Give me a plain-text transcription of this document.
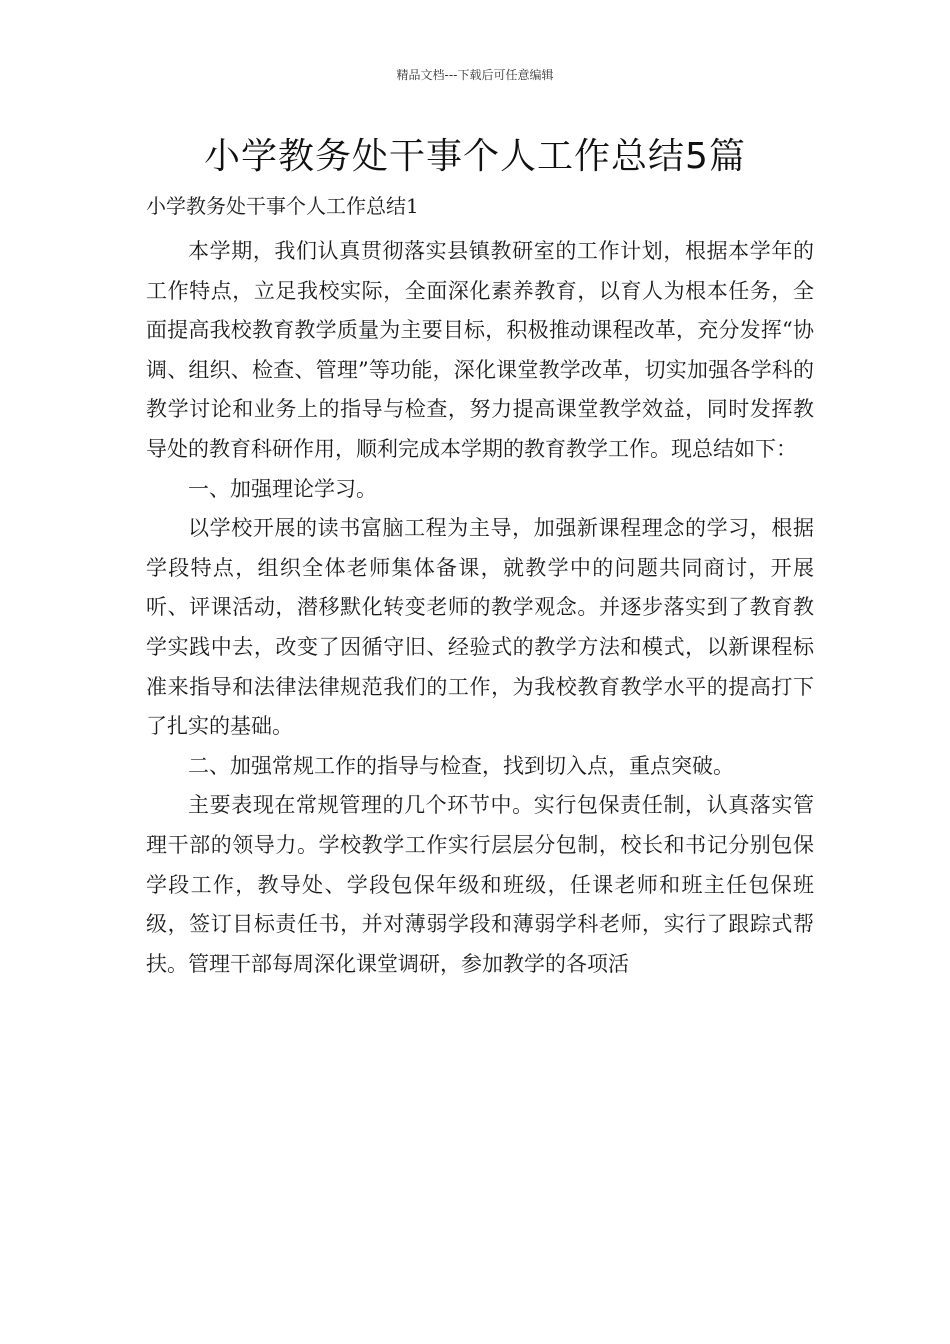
精品文档---下载后可任意编辑
小学教务处干事个人工作总结5篇
小学教务处干事个人工作总结1

本学期，我们认真贯彻落实县镇教研室的工作计划，根据本学年的工作特点，立足我校实际，全面深化素养教育，以育人为根本任务，全面提高我校教育教学质量为主要目标，积极推动课程改革，充分发挥“协调、组织、检查、管理”等功能，深化课堂教学改革，切实加强各学科的教学讨论和业务上的指导与检查，努力提高课堂教学效益，同时发挥教导处的教育科研作用，顺利完成本学期的教育教学工作。现总结如下：

一、加强理论学习。

以学校开展的读书富脑工程为主导，加强新课程理念的学习，根据学段特点，组织全体老师集体备课，就教学中的问题共同商讨，开展听、评课活动，潜移默化转变老师的教学观念。并逐步落实到了教育教学实践中去，改变了因循守旧、经验式的教学方法和模式，以新课程标准来指导和法律法律规范我们的工作，为我校教育教学水平的提高打下了扎实的基础。

二、加强常规工作的指导与检查，找到切入点，重点突破。

主要表现在常规管理的几个环节中。实行包保责任制，认真落实管理干部的领导力。学校教学工作实行层层分包制，校长和书记分别包保学段工作，教导处、学段包保年级和班级，任课老师和班主任包保班级，签订目标责任书，并对薄弱学段和薄弱学科老师，实行了跟踪式帮扶。管理干部每周深化课堂调研，参加教学的各项活
